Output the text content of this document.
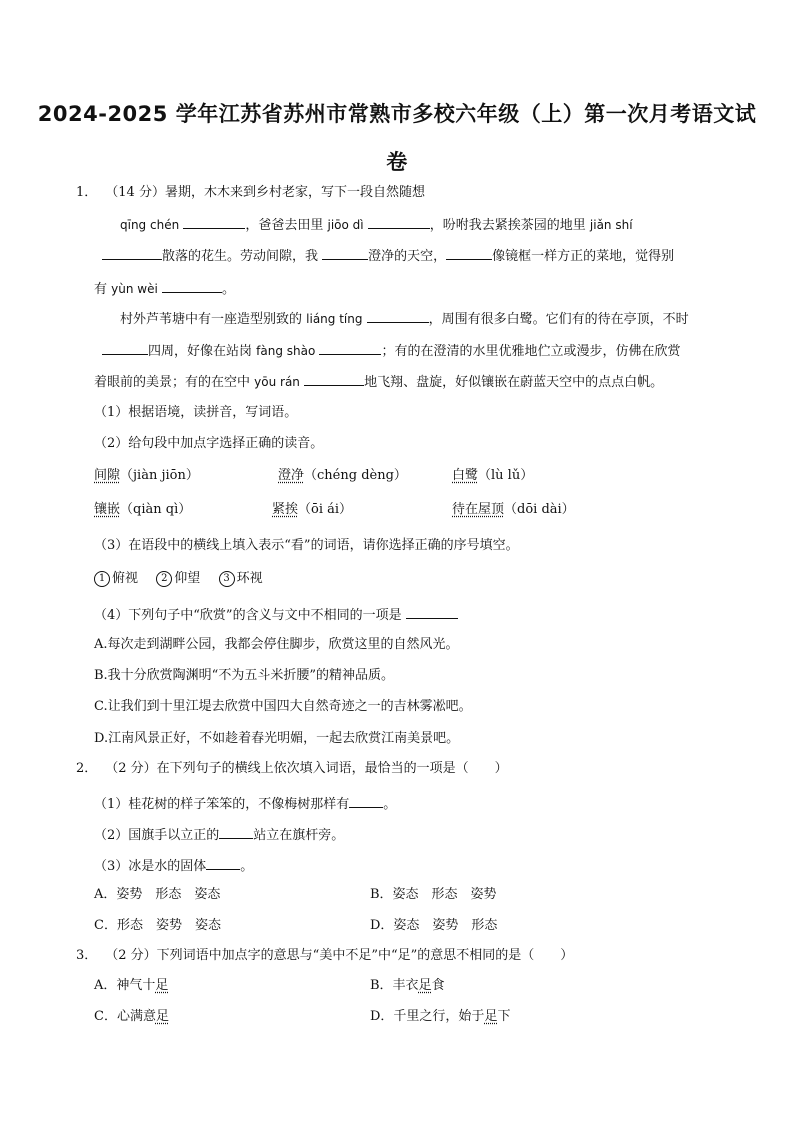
2024-2025 学年江苏省苏州市常熟市多校六年级（上）第一次月考语文试
卷
1． （14 分）暑期，木木来到乡村老家，写下一段自然随想
qīng chén	，爸爸去田里 jiōo dì	，吩咐我去紧挨茶园的地里 jiǎn shí
散落的花生。劳动间隙，我	澄净的天空，	像镜框一样方正的菜地，觉得别
有 yùn wèi	。
村外芦苇塘中有一座造型别致的 liáng tíng	，周围有很多白鹭。它们有的待在亭顶，不时
四周，好像在站岗 fàng shào	；有的在澄清的水里优雅地伫立或漫步，仿佛在欣赏
着眼前的美景；有的在空中 yōu rán	地飞翔、盘旋，好似镶嵌在蔚蓝天空中的点点白帆。
（1）根据语境，读拼音，写词语。
（2）给句段中加点字选择正确的读音。
间隙（jiàn jiōn）	澄净（chéng dèng）	白鹭（lù lǔ）
镶嵌（qiàn qì）	紧挨（ōi ái）	待在屋顶（dōi dài）
（3）在语段中的横线上填入表示“看”的词语，请你选择正确的序号填空。
1 俯视 2 仰望 3 环视
（4）下列句子中“欣赏”的含义与文中不相同的一项是
A.每次走到湖畔公园，我都会停住脚步，欣赏这里的自然风光。
B.我十分欣赏陶渊明“不为五斗米折腰”的精神品质。
C.让我们到十里江堤去欣赏中国四大自然奇迹之一的吉林雾凇吧。
D.江南风景正好，不如趁着春光明媚，一起去欣赏江南美景吧。
2． （2 分）在下列句子的横线上依次填入词语，最恰当的一项是（　　）
（1）桂花树的样子笨笨的，不像梅树那样有	。
（2）国旗手以立正的	站立在旗杆旁。
（3）冰是水的固体	。
A．姿势　形态　姿态	B．姿态　形态　姿势
C．形态　姿势　姿态	D．姿态　姿势　形态
3． （2 分）下列词语中加点字的意思与“美中不足”中“足”的意思不相同的是（　　）
A．神气十足	B．丰衣足食
C．心满意足	D．千里之行，始于足下
